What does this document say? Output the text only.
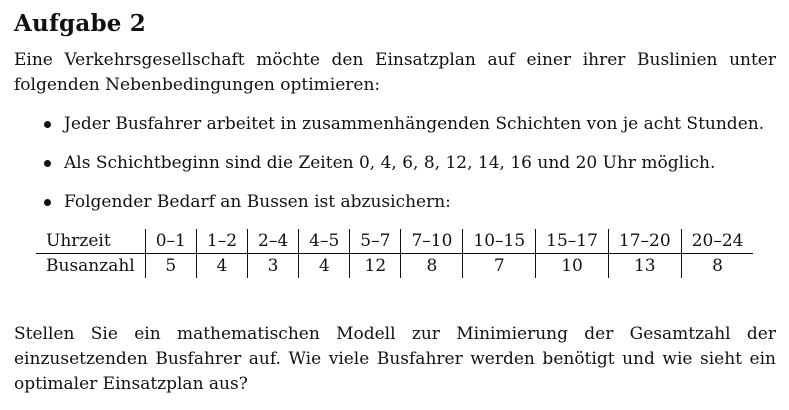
Aufgabe 2

Eine Verkehrsgesellschaft möchte den Einsatzplan auf einer ihrer Buslinien unter folgenden Nebenbedingungen optimieren:

Jeder Busfahrer arbeitet in zusammenhängenden Schichten von je acht Stunden.
Als Schichtbeginn sind die Zeiten 0, 4, 6, 8, 12, 14, 16 und 20 Uhr möglich.
Folgender Bedarf an Bussen ist abzusichern:
Uhrzeit	0–1	1–2	2–4	4–5	5–7	7–10	10–15	15–17	17–20	20–24
Busanzahl	5	4	3	4	12	8	7	10	13	8

Stellen Sie ein mathematischen Modell zur Minimierung der Gesamtzahl der einzusetzenden Busfahrer auf. Wie viele Busfahrer werden benötigt und wie sieht ein optimaler Einsatzplan aus?
